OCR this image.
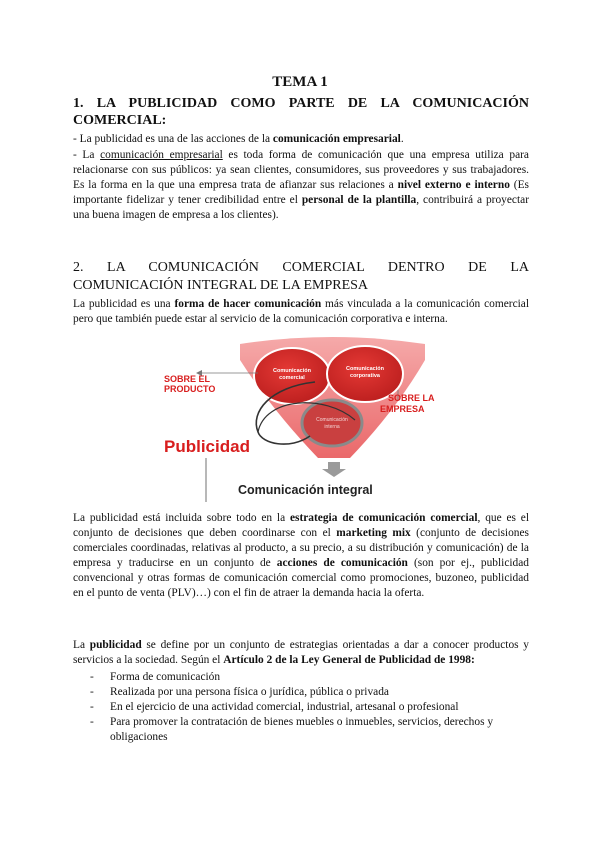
TEMA 1
1. LA PUBLICIDAD COMO PARTE DE LA COMUNICACIÓN COMERCIAL:
- La publicidad es una de las acciones de la comunicación empresarial.
- La comunicación empresarial es toda forma de comunicación que una empresa utiliza para relacionarse con sus públicos: ya sean clientes, consumidores, sus proveedores y sus trabajadores. Es la forma en la que una empresa trata de afianzar sus relaciones a nivel externo e interno (Es importante fidelizar y tener credibilidad entre el personal de la plantilla, contribuirá a proyectar una buena imagen de empresa a los clientes).
2. LA COMUNICACIÓN COMERCIAL DENTRO DE LA
COMUNICACIÓN INTEGRAL DE LA EMPRESA
La publicidad es una forma de hacer comunicación más vinculada a la comunicación comercial pero que también puede estar al servicio de la comunicación corporativa e interna.
Comunicación
comercial
Comunicación
corporativa
Comunicación
interna
SOBRE EL
PRODUCTO
SOBRE LA
EMPRESA
Publicidad
Comunicación integral
La publicidad está incluida sobre todo en la estrategia de comunicación comercial, que es el conjunto de decisiones que deben coordinarse con el marketing mix (conjunto de decisiones comerciales coordinadas, relativas al producto, a su precio, a su distribución y comunicación) de la empresa y traducirse en un conjunto de acciones de comunicación (son por ej., publicidad convencional y otras formas de comunicación comercial como promociones, buzoneo, publicidad en el punto de venta (PLV)…) con el fin de atraer la demanda hacia la oferta.
La publicidad se define por un conjunto de estrategias orientadas a dar a conocer productos y servicios a la sociedad. Según el Artículo 2 de la Ley General de Publicidad de 1998:
- Forma de comunicación
- Realizada por una persona física o jurídica, pública o privada
- En el ejercicio de una actividad comercial, industrial, artesanal o profesional
- Para promover la contratación de bienes muebles o inmuebles, servicios, derechos y obligaciones
